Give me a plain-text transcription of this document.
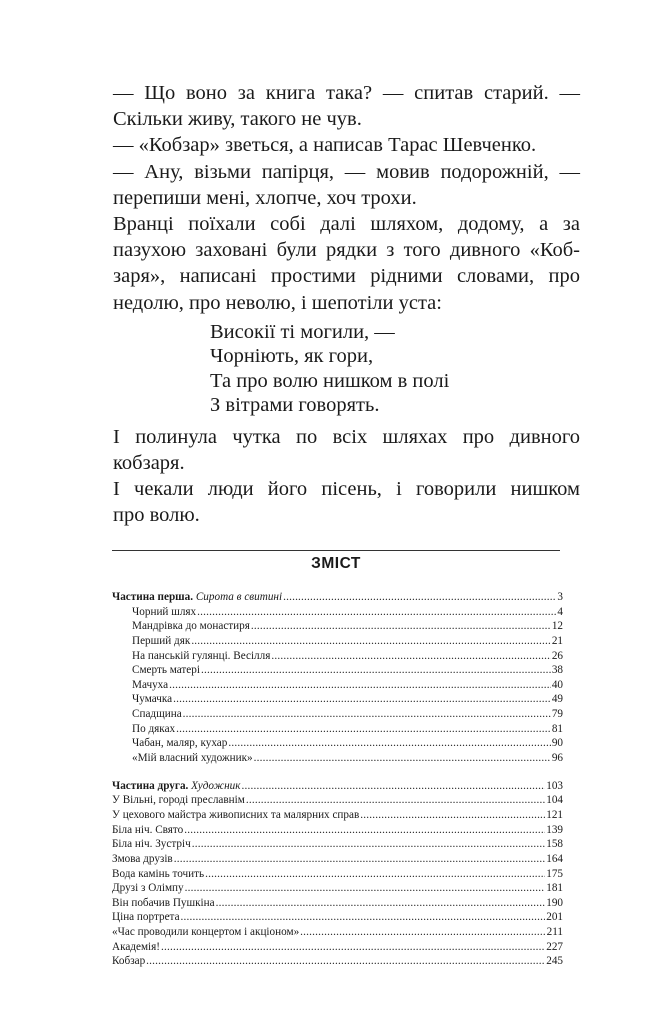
— Що воно за книга така? — спитав старий. —
Скільки живу, такого не чув.
— «Кобзар» зветься, а написав Тарас Шевченко.
— Ану, візьми папірця, — мовив подорожній, —
перепиши мені, хлопче, хоч трохи.
Вранці поїхали собі далі шляхом, додому, а за
пазухою заховані були рядки з того дивного «Коб-
заря», написані простими рідними словами, про
недолю, про неволю, і шепотіли уста:
Високії ті могили, —
Чорніють, як гори,
Та про волю нишком в полі
З вітрами говорять.
І полинула чутка по всіх шляхах про дивного
кобзаря.
І чекали люди його пісень, і говорили нишком
про волю.
ЗМІСТ
Частина перша. Сирота в свитині .....	3
Чорний шлях .....	4
Мандрівка до монастиря .....	12
Перший дяк .....	21
На панській гулянці. Весілля .....	26
Смерть матері .....	38
Мачуха .....	40
Чумачка .....	49
Спадщина .....	79
По дяках .....	81
Чабан, маляр, кухар .....	90
«Мій власний художник» .....	96
Частина друга. Художник .....	103
У Вільні, городі преславнім .....	104
У цехового майстра живописних та малярних справ .....	121
Біла ніч. Свято .....	139
Біла ніч. Зустріч .....	158
Змова друзів .....	164
Вода камінь точить .....	175
Друзі з Олімпу .....	181
Він побачив Пушкіна .....	190
Ціна портрета .....	201
«Час проводили концертом і акціоном» .....	211
Академія! .....	227
Кобзар .....	245
